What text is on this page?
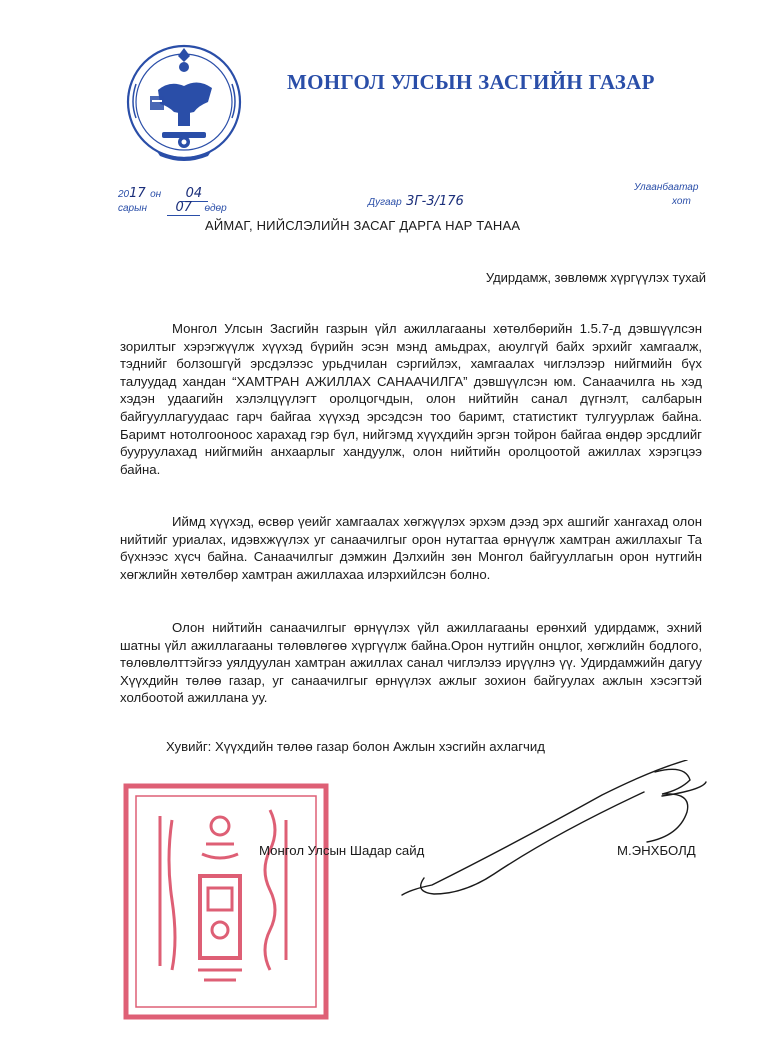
МОНГОЛ УЛСЫН ЗАСГИЙН ГАЗАР
2017 он 04
сарын 07 өдөр
Дугаар 3Г-3/176
Улаанбаатар
хот
АЙМАГ, НИЙСЛЭЛИЙН ЗАСАГ ДАРГА НАР ТАНАА
Удирдамж, зөвлөмж хүргүүлэх тухай
Монгол Улсын Засгийн газрын үйл ажиллагааны хөтөлбөрийн 1.5.7-д дэвшүүлсэн зорилтыг хэрэгжүүлж хүүхэд бүрийн эсэн мэнд амьдрах, аюулгүй байх эрхийг хамгаалж, тэднийг болзошгүй эрсдэлээс урьдчилан сэргийлэх, хамгаалах чиглэлээр нийгмийн бүх талуудад хандан “ХАМТРАН АЖИЛЛАХ САНААЧИЛГА” дэвшүүлсэн юм. Санаачилга нь хэд хэдэн удаагийн хэлэлцүүлэгт оролцогчдын, олон нийтийн санал дүгнэлт, салбарын байгууллагуудаас гарч байгаа хүүхэд эрсэдсэн тоо баримт, статистикт тулгуурлаж байна. Баримт нотолгоонoос харахад гэр бүл, нийгэмд хүүхдийн эргэн тойрон байгаа өндөр эрсдлийг бууруулахад нийгмийн анхаарлыг хандуулж, олон нийтийн оролцоотой ажиллах хэрэгцээ байна.
Иймд хүүхэд, өсвөр үеийг хамгаалах хөгжүүлэх эрхэм дээд эрх ашгийг хангахад олон нийтийг уриалах, идэвхжүүлэх уг санаачилгыг орон нутагтаа өрнүүлж хамтран ажиллахыг Та бүхнээс хүсч байна. Санаачилгыг дэмжин Дэлхийн зөн Монгол байгууллагын орон нутгийн хөгжлийн хөтөлбөр хамтран ажиллахаа илэрхийлсэн болно.
Олон нийтийн санаачилгыг өрнүүлэх үйл ажиллагааны ерөнхий удирдамж, эхний шатны үйл ажиллагааны төлөвлөгөө хүргүүлж байна.Орон нутгийн онцлог, хөгжлийн бодлого, төлөвлөлттэйгээ уялдуулан хамтран ажиллах санал чиглэлээ ирүүлнэ үү. Удирдамжийн дагуу Хүүхдийн төлөө газар, уг санаачилгыг өрнүүлэх ажлыг зохион байгуулах ажлын хэсэгтэй холбоотой ажиллана уу.
Хувийг: Хүүхдийн төлөө газар болон Ажлын хэсгийн ахлагчид
Монгол Улсын Шадар сайд	М.ЭНХБОЛД
